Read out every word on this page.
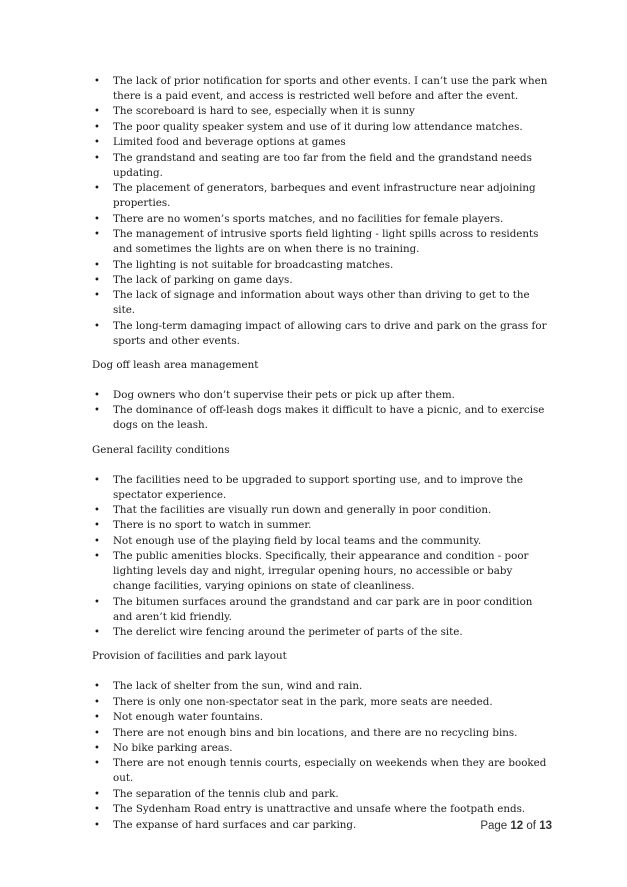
• The lack of prior notification for sports and other events. I can’t use the park when there is a paid event, and access is restricted well before and after the event.
• The scoreboard is hard to see, especially when it is sunny
• The poor quality speaker system and use of it during low attendance matches.
• Limited food and beverage options at games
• The grandstand and seating are too far from the field and the grandstand needs updating.
• The placement of generators, barbeques and event infrastructure near adjoining properties.
• There are no women’s sports matches, and no facilities for female players.
• The management of intrusive sports field lighting - light spills across to residents and sometimes the lights are on when there is no training.
• The lighting is not suitable for broadcasting matches.
• The lack of parking on game days.
• The lack of signage and information about ways other than driving to get to the site.
• The long-term damaging impact of allowing cars to drive and park on the grass for sports and other events.
Dog off leash area management
• Dog owners who don’t supervise their pets or pick up after them.
• The dominance of off-leash dogs makes it difficult to have a picnic, and to exercise dogs on the leash.
General facility conditions
• The facilities need to be upgraded to support sporting use, and to improve the spectator experience.
• That the facilities are visually run down and generally in poor condition.
• There is no sport to watch in summer.
• Not enough use of the playing field by local teams and the community.
• The public amenities blocks. Specifically, their appearance and condition - poor lighting levels day and night, irregular opening hours, no accessible or baby change facilities, varying opinions on state of cleanliness.
• The bitumen surfaces around the grandstand and car park are in poor condition and aren’t kid friendly.
• The derelict wire fencing around the perimeter of parts of the site.
Provision of facilities and park layout
• The lack of shelter from the sun, wind and rain.
• There is only one non-spectator seat in the park, more seats are needed.
• Not enough water fountains.
• There are not enough bins and bin locations, and there are no recycling bins.
• No bike parking areas.
• There are not enough tennis courts, especially on weekends when they are booked out.
• The separation of the tennis club and park.
• The Sydenham Road entry is unattractive and unsafe where the footpath ends.
• The expanse of hard surfaces and car parking.	Page 12 of 13
